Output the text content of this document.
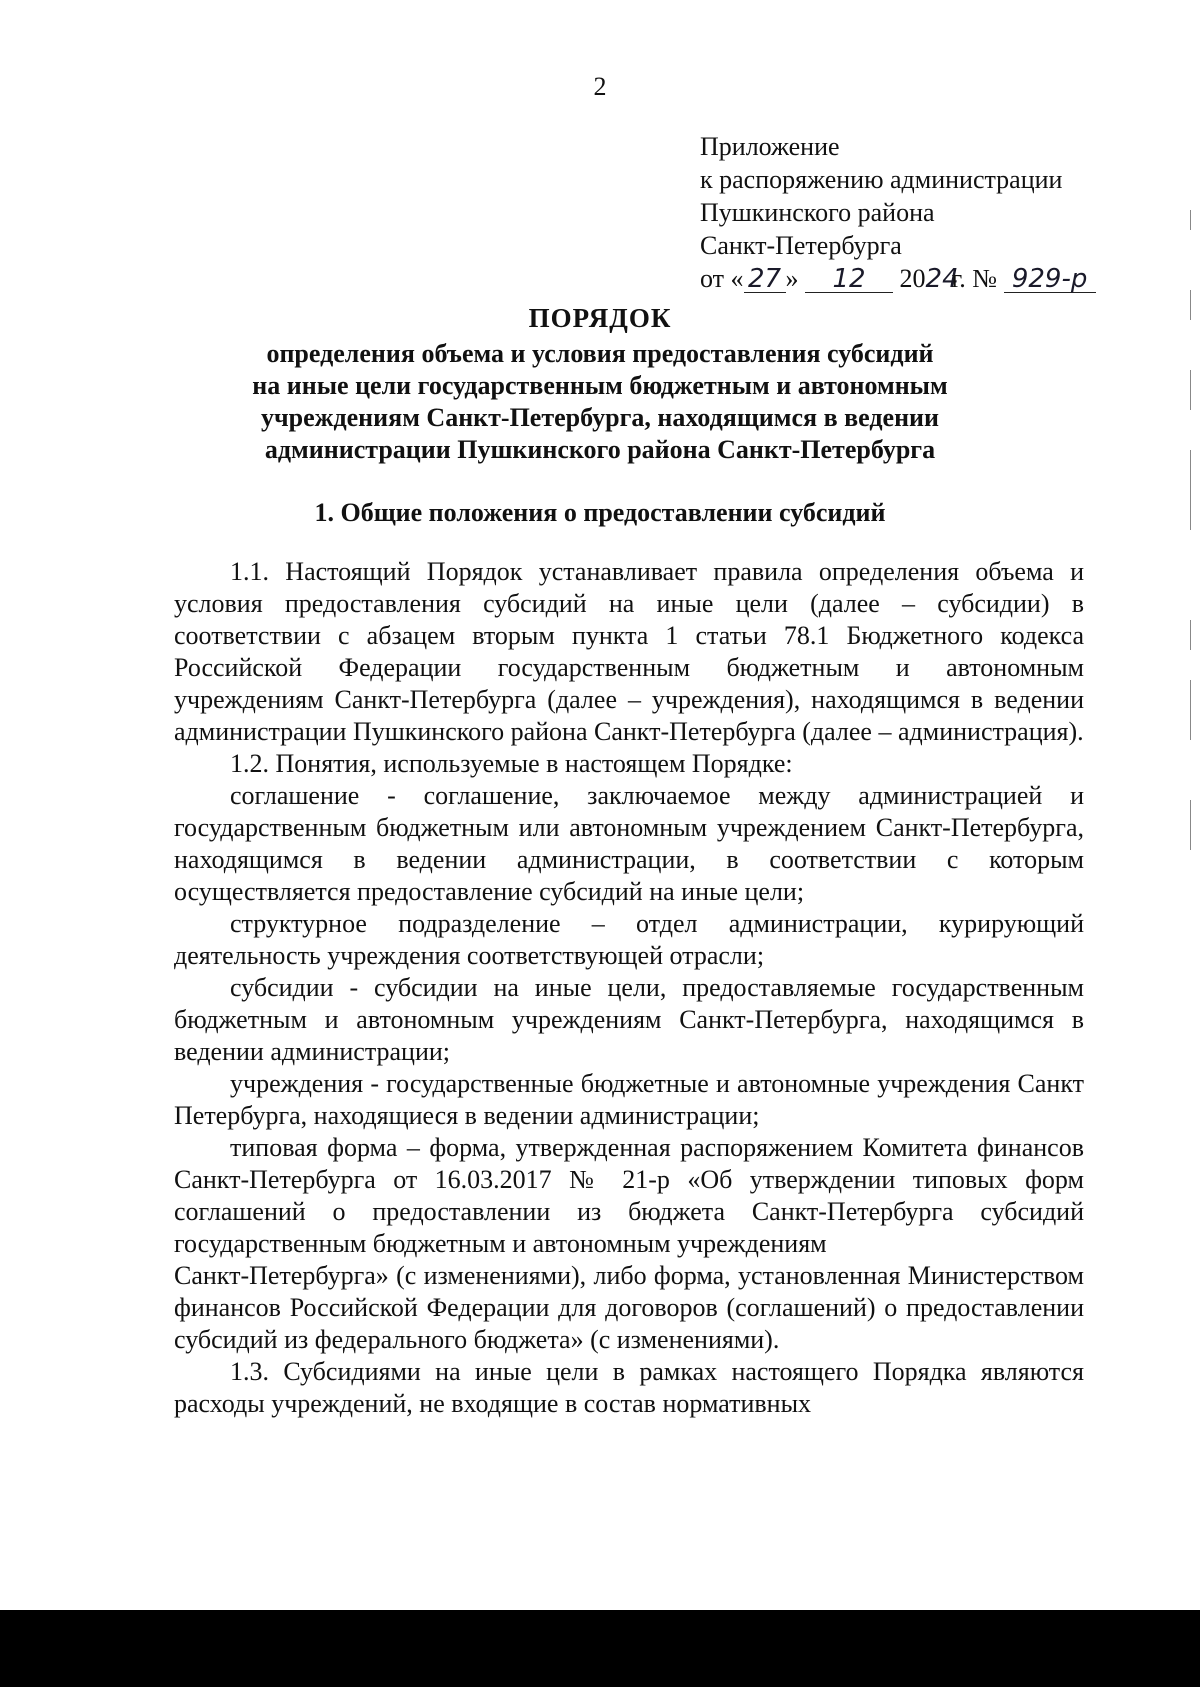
2
Приложение
к распоряжению администрации
Пушкинского района
Санкт-Петербурга
от « 27 » 12 2024г. № 929-р
ПОРЯДОК
определения объема и условия предоставления субсидий
на иные цели государственным бюджетным и автономным
учреждениям Санкт-Петербурга, находящимся в ведении
администрации Пушкинского района Санкт-Петербурга
1. Общие положения о предоставлении субсидий

1.1. Настоящий Порядок устанавливает правила определения объема и условия предоставления субсидий на иные цели (далее – субсидии) в соответствии с абзацем вторым пункта 1 статьи 78.1 Бюджетного кодекса Российской Федерации государственным бюджетным и автономным учреждениям Санкт-Петербурга (далее – учреждения), находящимся в ведении администрации Пушкинского района Санкт-Петербурга (далее – администрация).

1.2. Понятия, используемые в настоящем Порядке:

соглашение - соглашение, заключаемое между администрацией и государственным бюджетным или автономным учреждением Санкт-Петербурга, находящимся в ведении администрации, в соответствии с которым осуществляется предоставление субсидий на иные цели;

структурное подразделение – отдел администрации, курирующий деятельность учреждения соответствующей отрасли;

субсидии - субсидии на иные цели, предоставляемые государственным бюджетным и автономным учреждениям Санкт-Петербурга, находящимся в ведении администрации;

учреждения - государственные бюджетные и автономные учреждения Санкт Петербурга, находящиеся в ведении администрации;

типовая форма – форма, утвержденная распоряжением Комитета финансов Санкт-Петербурга от 16.03.2017 № 21-р «Об утверждении типовых форм соглашений о предоставлении из бюджета Санкт-Петербурга субсидий государственным бюджетным и автономным учреждениям

Санкт-Петербурга» (с изменениями), либо форма, установленная Министерством финансов Российской Федерации для договоров (соглашений) о предоставлении субсидий из федерального бюджета» (с изменениями).

1.3. Субсидиями на иные цели в рамках настоящего Порядка являются расходы учреждений, не входящие в состав нормативных
